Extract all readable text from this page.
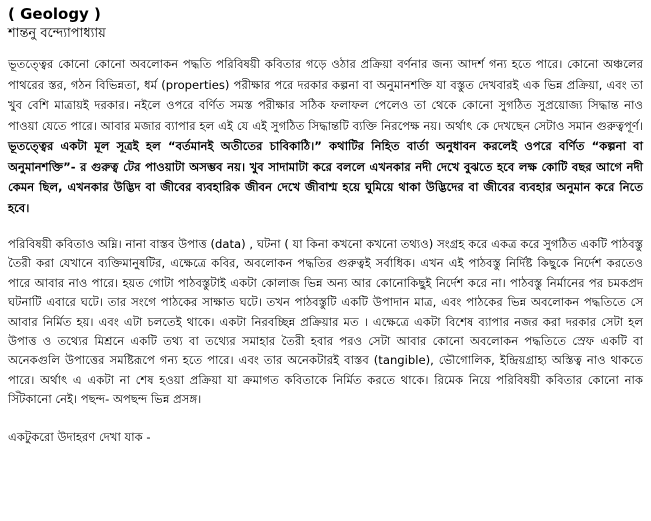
( Geology )
শান্তনু বন্দ্যোপাধ্যায়

ভূতত্ত্বের কোনো কোনো অবলোকন পদ্ধতি পরিবিষয়ী কবিতার গড়ে ওঠার প্রক্রিয়া বর্ণনার জন্য আদর্শ গন্য হতে পারে। কোনো অঞ্চলের পাথরের স্তর, গঠন বিভিন্নতা, ধর্ম (properties) পরীক্ষার পরে দরকার কল্পনা বা অনুমানশক্তি যা বস্তুত দেখবারই এক ভিন্ন প্রক্রিয়া, এবং তা খুব বেশি মাত্রায়ই দরকার। নইলে ওপরে বর্ণিত সমস্ত পরীক্ষার সঠিক ফলাফল পেলেও তা থেকে কোনো সুগঠিত সুপ্রয়োজ্য সিদ্ধান্ত নাও পাওয়া যেতে পারে। আবার মজার ব্যাপার হল এই যে এই সুগঠিত সিদ্ধান্তটি ব্যক্তি নিরপেক্ষ নয়। অর্থাৎ কে দেখছেন সেটাও সমান গুরুত্বপূর্ণ। ভূতত্ত্বের একটা মূল সূত্রই হল “বর্তমানই অতীতের চাবিকাঠি।” কথাটির নিহিত বার্তা অনুধাবন করলেই ওপরে বর্ণিত “কল্পনা বা অনুমানশক্তি”- র গুরুত্ব টের পাওয়াটা অসম্ভব নয়। খুব সাদামাটা করে বললে এখনকার নদী দেখে বুঝতে হবে লক্ষ কোটি বছর আগে নদী কেমন ছিল, এখনকার উদ্ভিদ বা জীবের ব্যবহারিক জীবন দেখে জীবাশ্ম হয়ে ঘুমিয়ে থাকা উদ্ভিদের বা জীবের ব্যবহার অনুমান করে নিতে হবে।

পরিবিষয়ী কবিতাও অম্নি। নানা বাস্তব উপাত্ত (data) , ঘটনা ( যা কিনা কখনো কখনো তথ্যও) সংগ্রহ করে একত্র করে সুগঠিত একটি পাঠবস্তু তৈরী করা যেখানে ব্যক্তিমানুষটির, এক্ষেত্রে কবির, অবলোকন পদ্ধতির গুরুত্বই সর্বাধিক। এখন এই পাঠবস্তু নির্দিষ্ট কিছুকে নির্দেশ করতেও পারে আবার নাও পারে। হয়ত গোটা পাঠবস্তুটাই একটা কোলাজ ভিন্ন অন্য আর কোনোকিছুই নির্দেশ করে না। পাঠবস্তু নির্মানের পর চমকপ্রদ ঘটনাটি এবারে ঘটে। তার সংগে পাঠকের সাক্ষাত ঘটে। তখন পাঠবস্তুটি একটি উপাদান মাত্র, এবং পাঠকের ভিন্ন অবলোকন পদ্ধতিতে সে আবার নির্মিত হয়। এবং এটা চলতেই থাকে। একটা নিরবচ্ছিন্ন প্রক্রিয়ার মত । এক্ষেত্রে একটা বিশেষ ব্যাপার নজর করা দরকার সেটা হল উপাত্ত ও তথ্যের মিশ্রনে একটি তথ্য বা তথ্যের সমাহার তৈরী হবার পরও সেটা আবার কোনো অবলোকন পদ্ধতিতে স্রেফ একটি বা অনেকগুলি উপাত্তের সমষ্টিরূপে গন্য হতে পারে। এবং তার অনেকটারই বাস্তব (tangible), ভৌগোলিক, ইন্দ্রিয়গ্রাহ্য অস্তিত্ব নাও থাকতে পারে। অর্থাৎ এ একটা না শেষ হওয়া প্রক্রিয়া যা ক্রমাগত কবিতাকে নির্মিত করতে থাকে। রিমেক নিয়ে পরিবিষয়ী কবিতার কোনো নাক সিঁটকানো নেই। পছন্দ- অপছন্দ ভিন্ন প্রসঙ্গ।

একটুকরো উদাহরণ দেখা যাক -
